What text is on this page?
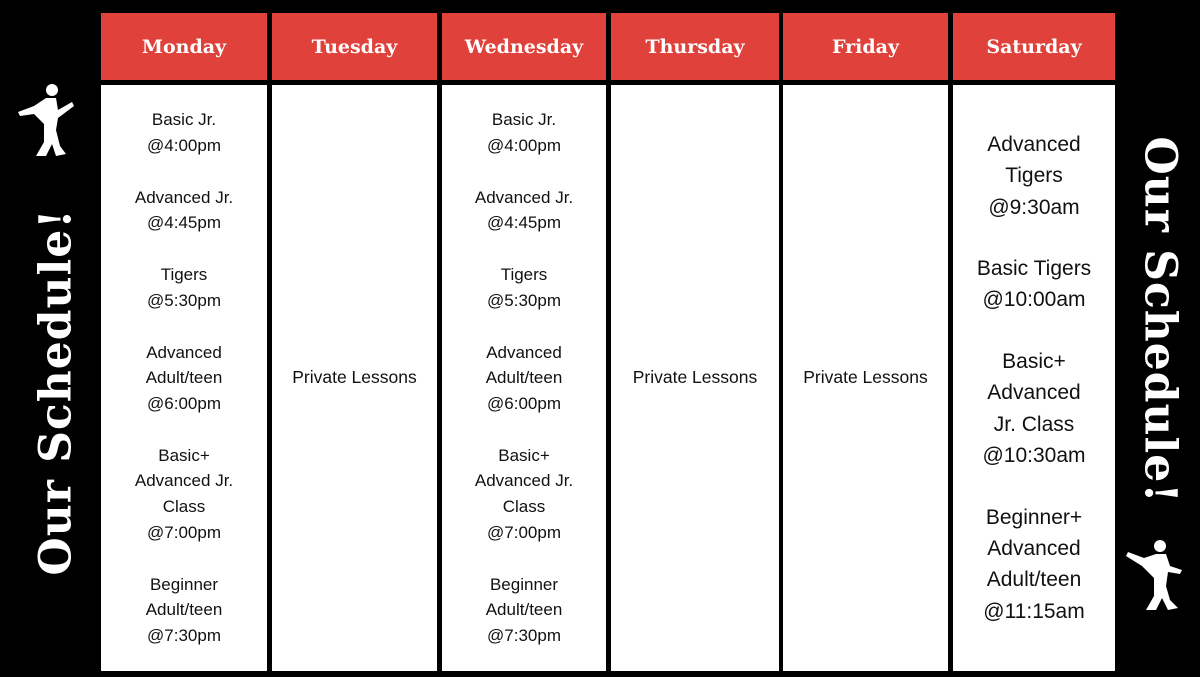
Our Schedule!	Our Schedule!
Monday
Basic Jr.
@4:00pm
Advanced Jr.
@4:45pm
Tigers
@5:30pm
Advanced
Adult/teen
@6:00pm
Basic+
Advanced Jr.
Class
@7:00pm
Beginner
Adult/teen
@7:30pm
Tuesday
Private Lessons
Wednesday
Basic Jr.
@4:00pm
Advanced Jr.
@4:45pm
Tigers
@5:30pm
Advanced
Adult/teen
@6:00pm
Basic+
Advanced Jr.
Class
@7:00pm
Beginner
Adult/teen
@7:30pm
Thursday
Private Lessons
Friday
Private Lessons
Saturday
Advanced
Tigers
@9:30am
Basic Tigers
@10:00am
Basic+
Advanced
Jr. Class
@10:30am
Beginner+
Advanced
Adult/teen
@11:15am
